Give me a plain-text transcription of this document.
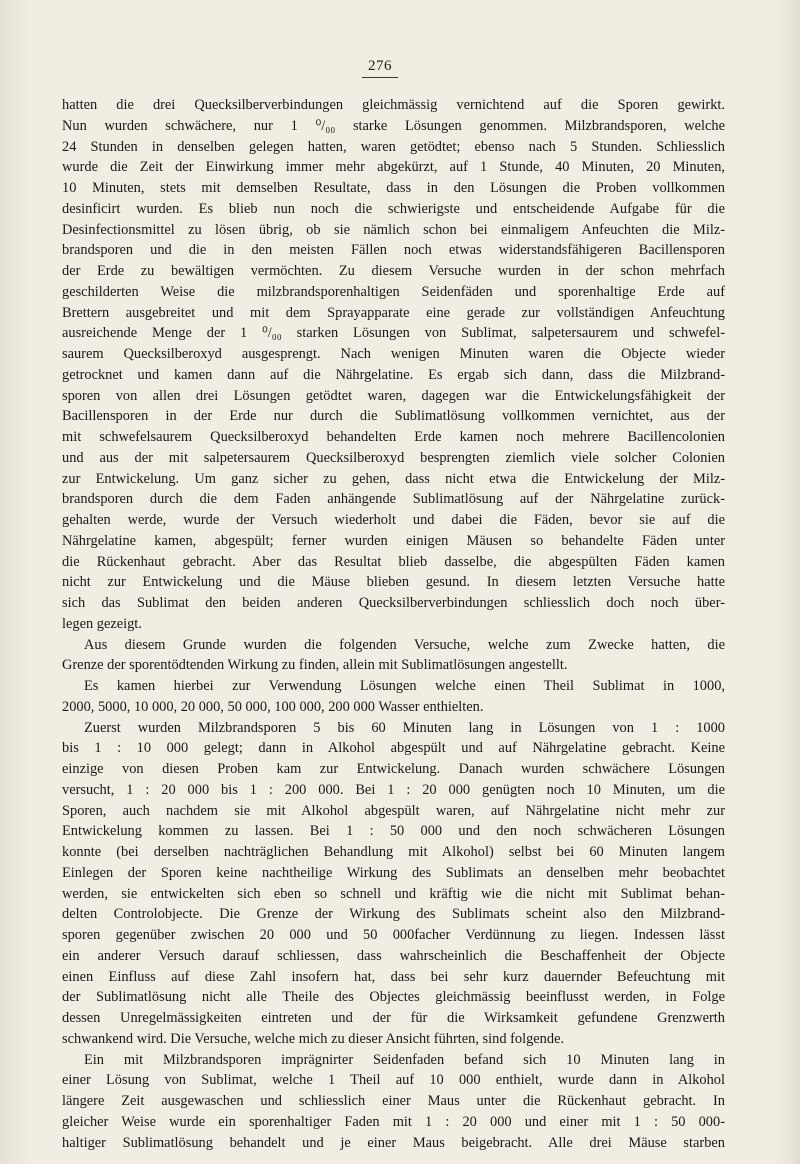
276

hatten die drei Quecksilberverbindungen gleichmässig vernichtend auf die Sporen gewirkt.

Nun wurden schwächere, nur 1 ⁰/₀₀ starke Lösungen genommen. Milzbrandsporen, welche

24 Stunden in denselben gelegen hatten, waren getödtet; ebenso nach 5 Stunden. Schliesslich

wurde die Zeit der Einwirkung immer mehr abgekürzt, auf 1 Stunde, 40 Minuten, 20 Minuten,

10 Minuten, stets mit demselben Resultate, dass in den Lösungen die Proben vollkommen

desinficirt wurden. Es blieb nun noch die schwierigste und entscheidende Aufgabe für die

Desinfectionsmittel zu lösen übrig, ob sie nämlich schon bei einmaligem Anfeuchten die Milz-

brandsporen und die in den meisten Fällen noch etwas widerstandsfähigeren Bacillensporen

der Erde zu bewältigen vermöchten. Zu diesem Versuche wurden in der schon mehrfach

geschilderten Weise die milzbrandsporenhaltigen Seidenfäden und sporenhaltige Erde auf

Brettern ausgebreitet und mit dem Sprayapparate eine gerade zur vollständigen Anfeuchtung

ausreichende Menge der 1 ⁰/₀₀ starken Lösungen von Sublimat, salpetersaurem und schwefel-

saurem Quecksilberoxyd ausgesprengt. Nach wenigen Minuten waren die Objecte wieder

getrocknet und kamen dann auf die Nährgelatine. Es ergab sich dann, dass die Milzbrand-

sporen von allen drei Lösungen getödtet waren, dagegen war die Entwickelungsfähigkeit der

Bacillensporen in der Erde nur durch die Sublimatlösung vollkommen vernichtet, aus der

mit schwefelsaurem Quecksilberoxyd behandelten Erde kamen noch mehrere Bacillencolonien

und aus der mit salpetersaurem Quecksilberoxyd besprengten ziemlich viele solcher Colonien

zur Entwickelung. Um ganz sicher zu gehen, dass nicht etwa die Entwickelung der Milz-

brandsporen durch die dem Faden anhängende Sublimatlösung auf der Nährgelatine zurück-

gehalten werde, wurde der Versuch wiederholt und dabei die Fäden, bevor sie auf die

Nährgelatine kamen, abgespült; ferner wurden einigen Mäusen so behandelte Fäden unter

die Rückenhaut gebracht. Aber das Resultat blieb dasselbe, die abgespülten Fäden kamen

nicht zur Entwickelung und die Mäuse blieben gesund. In diesem letzten Versuche hatte

sich das Sublimat den beiden anderen Quecksilberverbindungen schliesslich doch noch über-

legen gezeigt.

Aus diesem Grunde wurden die folgenden Versuche, welche zum Zwecke hatten, die

Grenze der sporentödtenden Wirkung zu finden, allein mit Sublimatlösungen angestellt.

Es kamen hierbei zur Verwendung Lösungen welche einen Theil Sublimat in 1000,

2000, 5000, 10 000, 20 000, 50 000, 100 000, 200 000 Wasser enthielten.

Zuerst wurden Milzbrandsporen 5 bis 60 Minuten lang in Lösungen von 1 : 1000

bis 1 : 10 000 gelegt; dann in Alkohol abgespült und auf Nährgelatine gebracht. Keine

einzige von diesen Proben kam zur Entwickelung. Danach wurden schwächere Lösungen

versucht, 1 : 20 000 bis 1 : 200 000. Bei 1 : 20 000 genügten noch 10 Minuten, um die

Sporen, auch nachdem sie mit Alkohol abgespült waren, auf Nährgelatine nicht mehr zur

Entwickelung kommen zu lassen. Bei 1 : 50 000 und den noch schwächeren Lösungen

konnte (bei derselben nachträglichen Behandlung mit Alkohol) selbst bei 60 Minuten langem

Einlegen der Sporen keine nachtheilige Wirkung des Sublimats an denselben mehr beobachtet

werden, sie entwickelten sich eben so schnell und kräftig wie die nicht mit Sublimat behan-

delten Controlobjecte. Die Grenze der Wirkung des Sublimats scheint also den Milzbrand-

sporen gegenüber zwischen 20 000 und 50 000facher Verdünnung zu liegen. Indessen lässt

ein anderer Versuch darauf schliessen, dass wahrscheinlich die Beschaffenheit der Objecte

einen Einfluss auf diese Zahl insofern hat, dass bei sehr kurz dauernder Befeuchtung mit

der Sublimatlösung nicht alle Theile des Objectes gleichmässig beeinflusst werden, in Folge

dessen Unregelmässigkeiten eintreten und der für die Wirksamkeit gefundene Grenzwerth

schwankend wird. Die Versuche, welche mich zu dieser Ansicht führten, sind folgende.

Ein mit Milzbrandsporen imprägnirter Seidenfaden befand sich 10 Minuten lang in

einer Lösung von Sublimat, welche 1 Theil auf 10 000 enthielt, wurde dann in Alkohol

längere Zeit ausgewaschen und schliesslich einer Maus unter die Rückenhaut gebracht. In

gleicher Weise wurde ein sporenhaltiger Faden mit 1 : 20 000 und einer mit 1 : 50 000-

haltiger Sublimatlösung behandelt und je einer Maus beigebracht. Alle drei Mäuse starben
